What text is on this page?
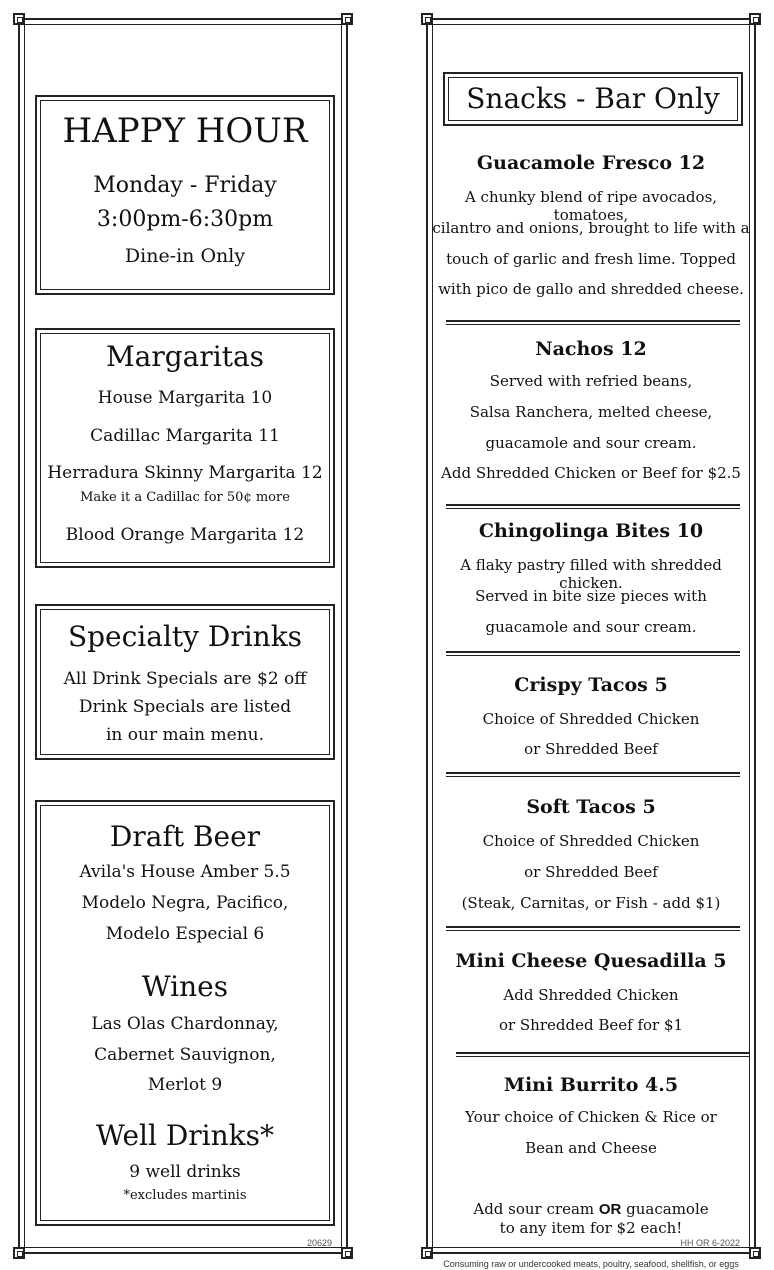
HAPPY HOUR
Monday - Friday
3:00pm-6:30pm
Dine-in Only
Margaritas
House Margarita 10
Cadillac Margarita 11
Herradura Skinny Margarita 12
Make it a Cadillac for 50¢ more
Blood Orange Margarita 12
Specialty Drinks
All Drink Specials are $2 off
Drink Specials are listed
in our main menu.
Draft Beer
Avila's House Amber 5.5
Modelo Negra, Pacifico,
Modelo Especial 6
Wines
Las Olas Chardonnay,
Cabernet Sauvignon,
Merlot 9
Well Drinks*
9 well drinks
*excludes martinis
20629
Snacks - Bar Only
Guacamole Fresco 12
A chunky blend of ripe avocados, tomatoes,
cilantro and onions, brought to life with a
touch of garlic and fresh lime. Topped
with pico de gallo and shredded cheese.
Nachos 12
Served with refried beans,
Salsa Ranchera, melted cheese,
guacamole and sour cream.
Add Shredded Chicken or Beef for $2.5
Chingolinga Bites 10
A flaky pastry filled with shredded chicken.
Served in bite size pieces with
guacamole and sour cream.
Crispy Tacos 5
Choice of Shredded Chicken
or Shredded Beef
Soft Tacos 5
Choice of Shredded Chicken
or Shredded Beef
(Steak, Carnitas, or Fish - add $1)
Mini Cheese Quesadilla 5
Add Shredded Chicken
or Shredded Beef for $1
Mini Burrito 4.5
Your choice of Chicken & Rice or
Bean and Cheese
Add sour cream OR guacamole
to any item for $2 each!
HH OR 6-2022
Consuming raw or undercooked meats, poultry, seafood, shellfish, or eggs
